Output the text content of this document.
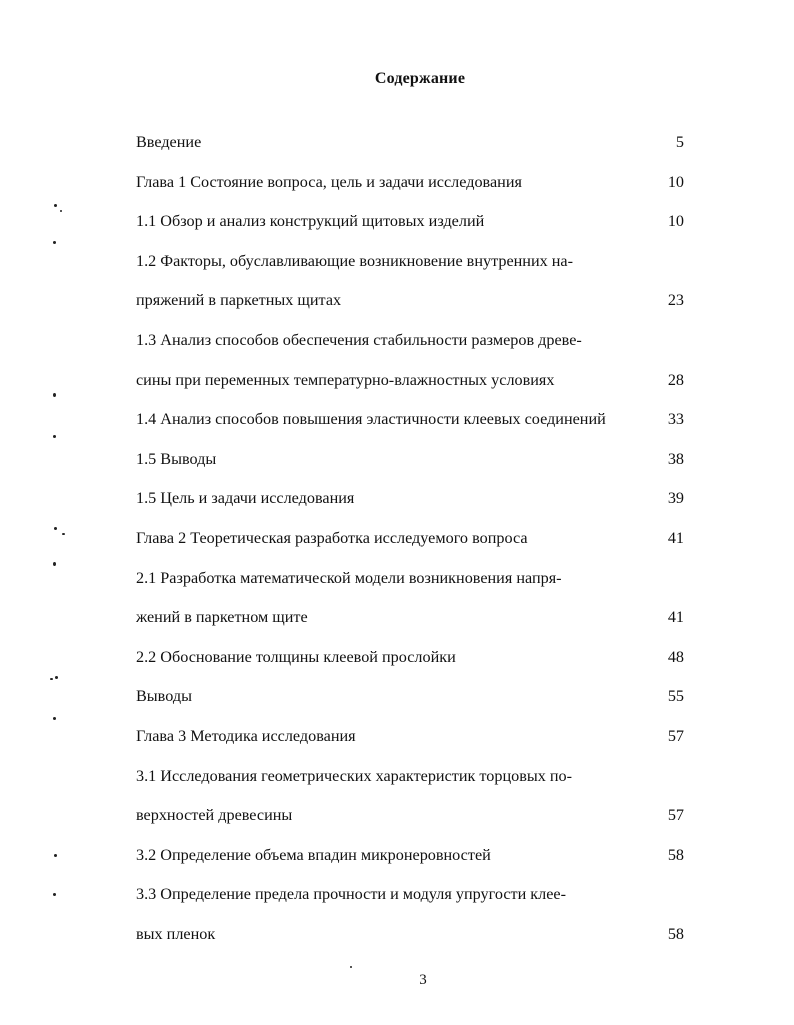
Содержание
Введение	5
Глава 1 Состояние вопроса, цель и задачи исследования	10
1.1 Обзор и анализ конструкций щитовых изделий	10
1.2 Факторы, обуславливающие возникновение внутренних на-
пряжений в паркетных щитах	23
1.3 Анализ способов обеспечения стабильности размеров древе-
сины при переменных температурно-влажностных условиях	28
1.4 Анализ способов повышения эластичности клеевых соединений	33
1.5 Выводы	38
1.5 Цель и задачи исследования	39
Глава 2 Теоретическая разработка исследуемого вопроса	41
2.1 Разработка математической модели возникновения напря-
жений в паркетном щите	41
2.2 Обоснование толщины клеевой прослойки	48
Выводы	55
Глава 3 Методика исследования	57
3.1 Исследования геометрических характеристик торцовых по-
верхностей древесины	57
3.2 Определение объема впадин микронеровностей	58
3.3 Определение предела прочности и модуля упругости клее-
вых пленок	58
3
